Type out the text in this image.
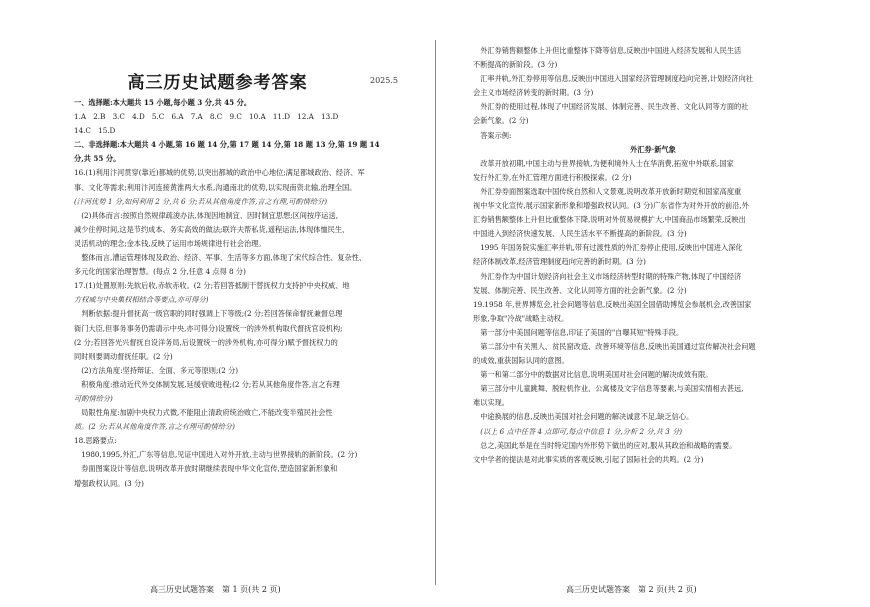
高三历史试题参考答案	2025.5

一、选择题:本大题共 15 小题,每小题 3 分,共 45 分。

1.A　2.B　3.C　4.D　5.C　6.A　7.A　8.C　9.C　10.A　11.D　12.A　13.D

14.C　15.D

二、非选择题:本大题共 4 小题,第 16 题 14 分,第 17 题 14 分,第 18 题 13 分,第 19 题 14

分,共 55 分。

16.(1)利用汴河贯穿(靠近)都城的优势,以突出都城的政治中心地位;满足都城政治、经济、军

事、文化等需求;利用汴河连接黄淮两大水系,沟通南北的优势,以实现南资北输,治理全国。

(汴河优势 1 分,如何利用 2 分,共 6 分;若从其他角度作答,言之有理,可酌情给分)

　(2)具体而言:按照自然规律疏浚办法,体现因地制宜、因时制宜思想;区间按序运送,

减少住停时间,这是节约成本、务实高效的做法;联许夫帮私货,遥程运法,体现体恤民生、

灵活机动的理念;金本钱,反映了运用市场规律进行社会治理。

　整体而言,漕运管理体现及政治、经济、军事、生活等多方面,体现了宋代综合性、复杂性、

多元化的国家治理智慧。(每点 2 分,任意 4 点得 8 分)

17.(1)处置原则:先软后收,赤软赤收。(2 分;若回答抵制干替抚权力支持护中央权威、地

方权威与中央集权相结合等要点,亦可得分)

　判断依据:提升督抚高一级官职的同时强调上下等级;(2 分;若回答保命督抚兼督总理

衙门大臣,但事务事务仍需请示中央,亦可得分)设置统一的涉外机构取代督抚官设机构;

(2 分;若回答光兴督抚自设洋务局,后设置统一的涉外机构,亦可得分)赋予督抚权力的

同时则要调动督抚任职。(2 分)

　(2)方法角度:坚持辩证、全面、多元等原则;(2 分)

　积极角度:推动近代外交体制发展,延缓衰败进程;(2 分;若从其他角度作答,言之有理

可酌情给分)

　局限性角度:加剧中央权力式微,不能阻止清政府统治败亡,不能改变半殖民社会性

质。(2 分;若从其他角度作答,言之有理可酌情给分)

18.思路要点:

　1980,1995,外汇,广东等信息,见证中国进入对外开放,主动与世界接轨的新阶段。(2 分)

　券面图案设计等信息,说明改革开放时期继续表现中华文化宣传,塑造国家新形象和

增强政权认同。(3 分)

高三历史试题答案　第 1 页(共 2 页)

　外汇券销售额整体上升但比重整体下降等信息,反映出中国进入经济发展和人民生活

不断提高的新阶段。(3 分)

　汇率并轨,外汇券停用等信息,反映出中国进入国家经济管理制度趋向完善,计划经济向社

会主义市场经济转变的新时期。(3 分)

　外汇券的使用过程,体现了中国经济发展、体制完善、民生改善、文化认同等方面的社

会新气象。(2 分)

　答案示例:

外汇券·新气象

　改革开放初期,中国主动与世界接轨,为便利境外人士在华消费,拓宽中外联系,国家

发行外汇券,在外汇管理方面进行积极探索。(2 分)

　外汇券券面图案选取中国传统自然和人文景观,说明改革开放新时期党和国家高度重

视中华文化宣传,展示国家新形象和增强政权认同。(3 分)广东省作为对外开放的前沿,外

汇券销售额整体上升但比重整体下降,说明对外贸易规模扩大,中国商品市场繁荣,反映出

中国进入到经济快速发展、人民生活水平不断提高的新阶段。(3 分)

　1995 年国务院实施汇率并轨,带有过渡性质的外汇券停止使用,反映出中国进入深化

经济体制改革,经济管理制度趋向完善的新时期。(3 分)

　外汇券作为中国计划经济向社会主义市场经济转型时期的特殊产物,体现了中国经济

发展、体制完善、民生改善、文化认同等方面的社会新气象。(2 分)

19.1958 年,世界博览会,社会问题等信息,反映出美国全国借助博览会参展机会,改善国家

形象,争取"冷战"战略主动权。

　第一部分中美国问题等信息,印证了美国的"自曝其短"特殊手段。

　第二部分中有关黑人、贫民窟改造、改善环境等信息,反映出美国通过宣传解决社会问题

的成效,重获国际认同的意图。

　第一和第二部分中的数据对比信息,说明美国对社会问题的解决成效有限。

　第三部分中儿童跳舞、脱粒机作业、公寓楼及文字信息等要素,与美国实情相去甚远,

难以实现。

　中途换展的信息,反映出美国对社会问题的解决诚意不足,缺乏信心。

　(以上 6 点中任答 4 点即可,每点中信息 1 分,分析 2 分,共 3 分)

　总之,美国此举是在当时特定国内外形势下做出的应对,服从其政治和战略的需要。

文中学者的提法是对此事实质的客观反映,引起了国际社会的共鸣。(2 分)

高三历史试题答案　第 2 页(共 2 页)
